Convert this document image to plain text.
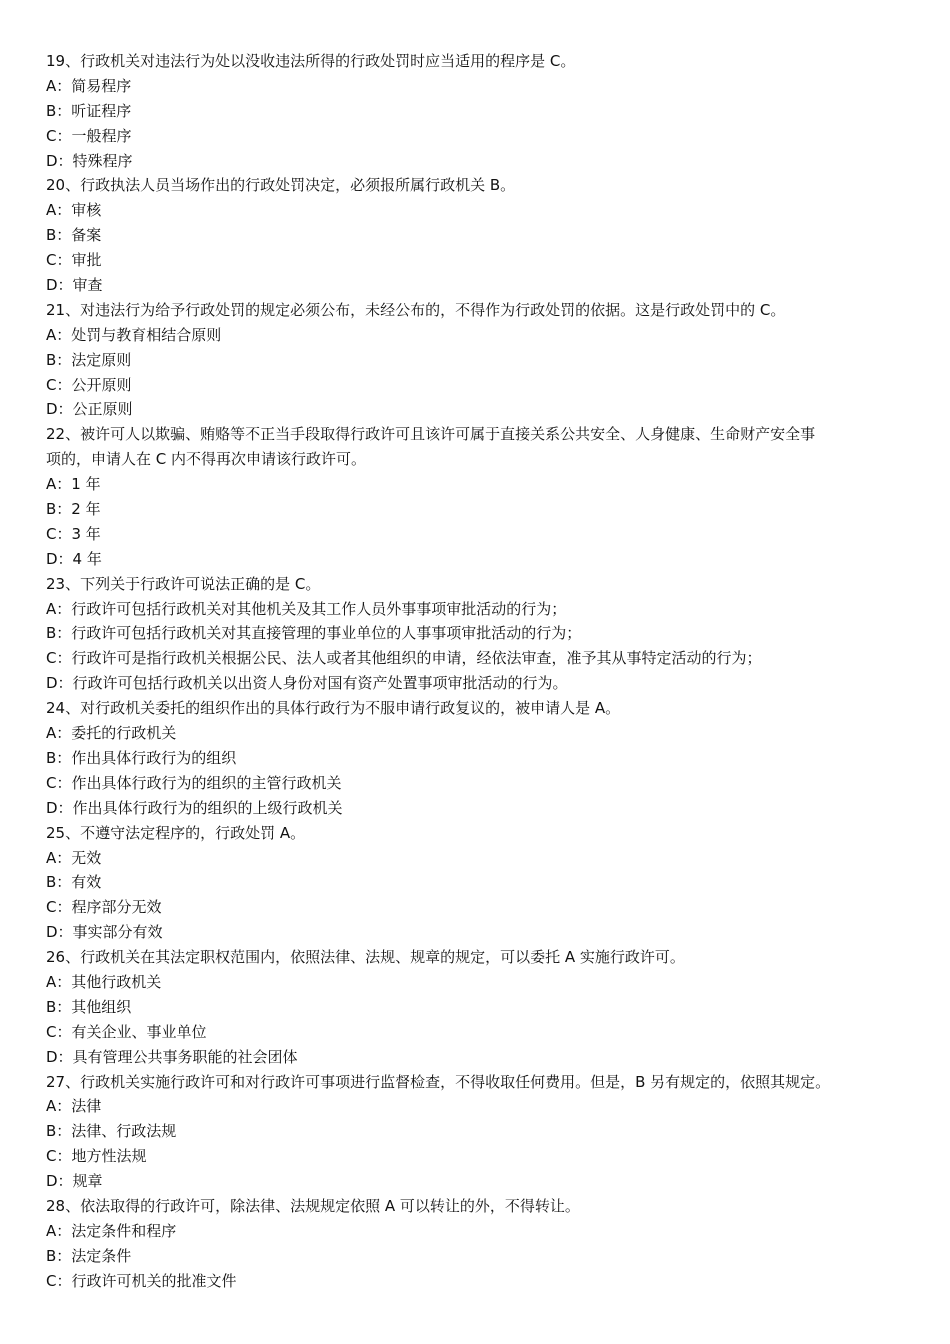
19、行政机关对违法行为处以没收违法所得的行政处罚时应当适用的程序是 C。
A：简易程序
B：听证程序
C：一般程序
D：特殊程序
20、行政执法人员当场作出的行政处罚决定，必须报所属行政机关 B。
A：审核
B：备案
C：审批
D：审查
21、对违法行为给予行政处罚的规定必须公布，未经公布的，不得作为行政处罚的依据。这是行政处罚中的 C。
A：处罚与教育相结合原则
B：法定原则
C：公开原则
D：公正原则
22、被许可人以欺骗、贿赂等不正当手段取得行政许可且该许可属于直接关系公共安全、人身健康、生命财产安全事
项的，申请人在 C 内不得再次申请该行政许可。
A：1 年
B：2 年
C：3 年
D：4 年
23、下列关于行政许可说法正确的是 C。
A：行政许可包括行政机关对其他机关及其工作人员外事事项审批活动的行为；
B：行政许可包括行政机关对其直接管理的事业单位的人事事项审批活动的行为；
C：行政许可是指行政机关根据公民、法人或者其他组织的申请，经依法审查，准予其从事特定活动的行为；
D：行政许可包括行政机关以出资人身份对国有资产处置事项审批活动的行为。
24、对行政机关委托的组织作出的具体行政行为不服申请行政复议的，被申请人是 A。
A：委托的行政机关
B：作出具体行政行为的组织
C：作出具体行政行为的组织的主管行政机关
D：作出具体行政行为的组织的上级行政机关
25、不遵守法定程序的，行政处罚 A。
A：无效
B：有效
C：程序部分无效
D：事实部分有效
26、行政机关在其法定职权范围内，依照法律、法规、规章的规定，可以委托 A 实施行政许可。
A：其他行政机关
B：其他组织
C：有关企业、事业单位
D：具有管理公共事务职能的社会团体
27、行政机关实施行政许可和对行政许可事项进行监督检查，不得收取任何费用。但是，B 另有规定的，依照其规定。
A：法律
B：法律、行政法规
C：地方性法规
D：规章
28、依法取得的行政许可，除法律、法规规定依照 A 可以转让的外，不得转让。
A：法定条件和程序
B：法定条件
C：行政许可机关的批准文件
